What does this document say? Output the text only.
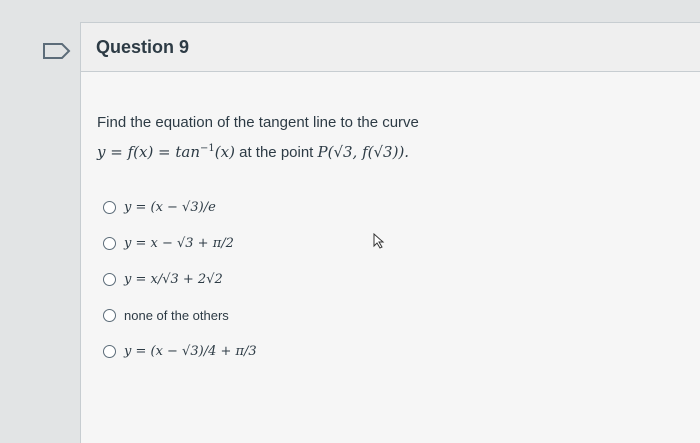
Question 9

Find the equation of the tangent line to the curve

$y = f(x) = \tan^{-1}(x)$ at the point P(√3, f(√3)).

y = (x − √3)/e
y = x − √3 + π/2
y = x/√3 + 2√2
none of the others
y = (x − √3)/4 + π/3
